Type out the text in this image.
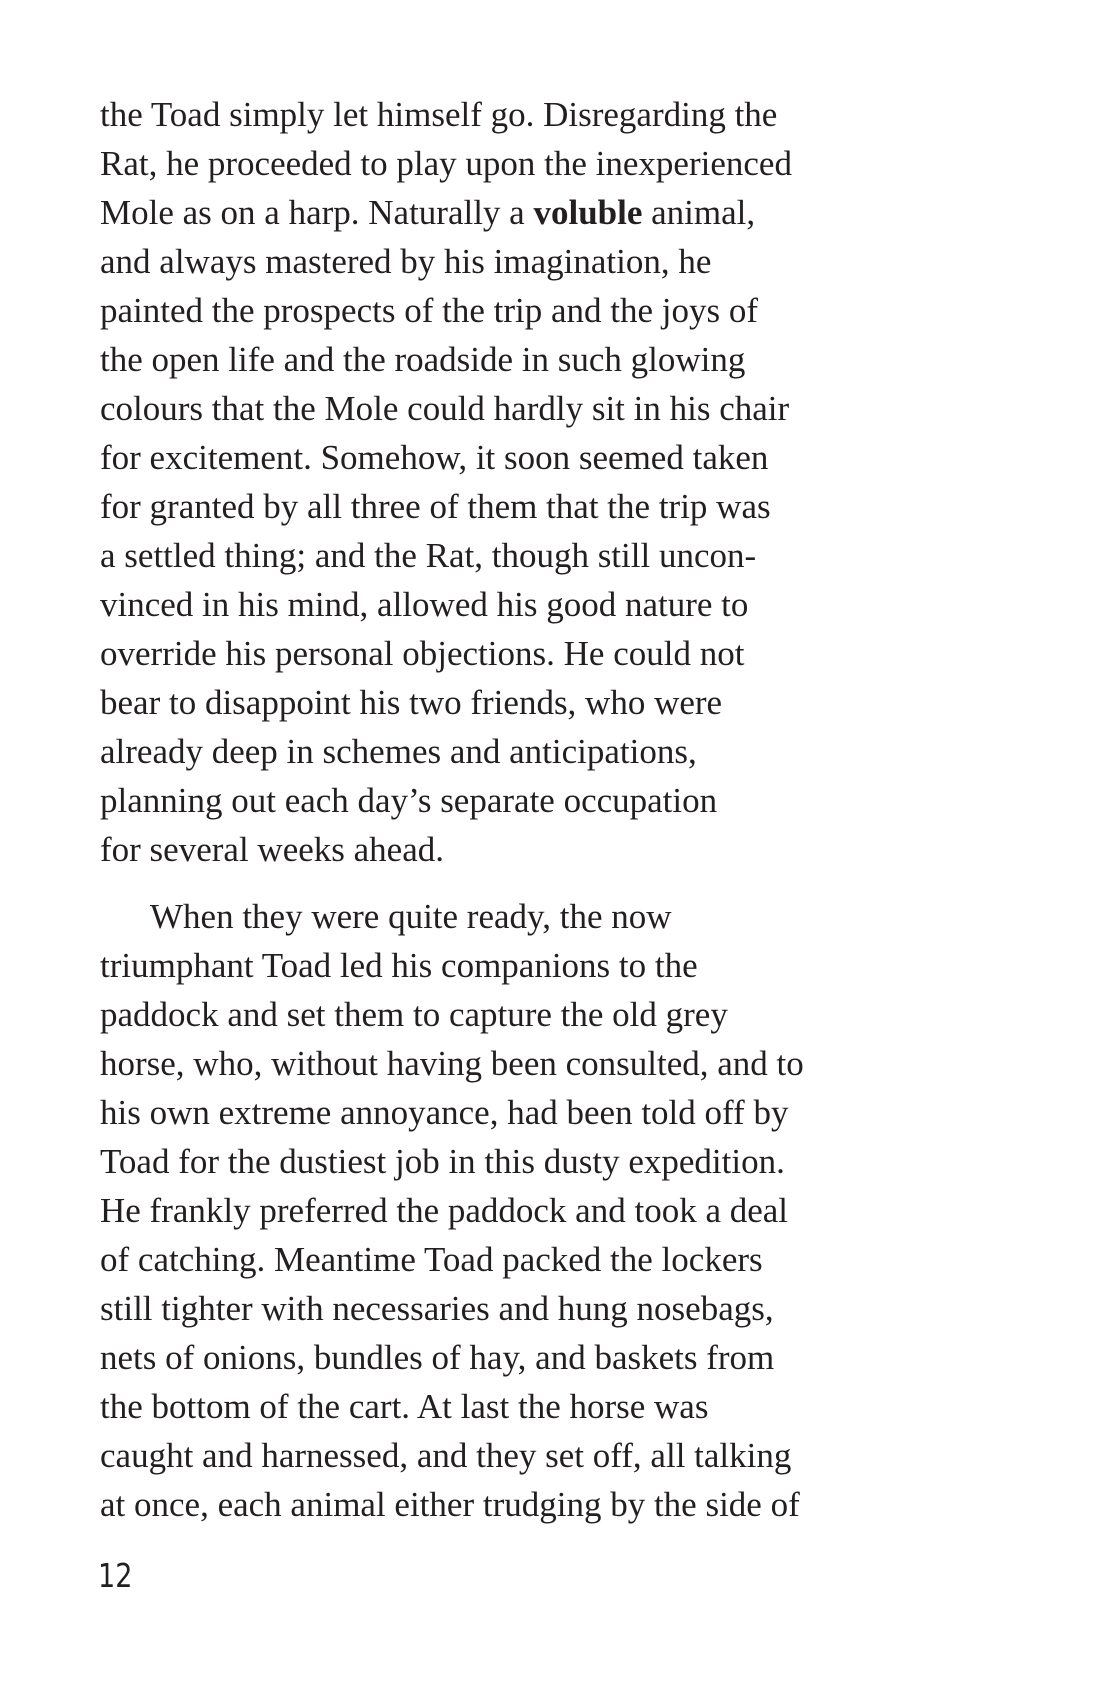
the Toad simply let himself go. Disregarding the
Rat, he proceeded to play upon the inexperienced
Mole as on a harp. Naturally a voluble animal,
and always mastered by his imagination, he
painted the prospects of the trip and the joys of
the open life and the roadside in such glowing
colours that the Mole could hardly sit in his chair
for excitement. Somehow, it soon seemed taken
for granted by all three of them that the trip was
a settled thing; and the Rat, though still uncon-
vinced in his mind, allowed his good nature to
override his personal objections. He could not
bear to disappoint his two friends, who were
already deep in schemes and anticipations,
planning out each day’s separate occupation
for several weeks ahead.
When they were quite ready, the now
triumphant Toad led his companions to the
paddock and set them to capture the old grey
horse, who, without having been consulted, and to
his own extreme annoyance, had been told off by
Toad for the dustiest job in this dusty expedition.
He frankly preferred the paddock and took a deal
of catching. Meantime Toad packed the lockers
still tighter with necessaries and hung nosebags,
nets of onions, bundles of hay, and baskets from
the bottom of the cart. At last the horse was
caught and harnessed, and they set off, all talking
at once, each animal either trudging by the side of
12
